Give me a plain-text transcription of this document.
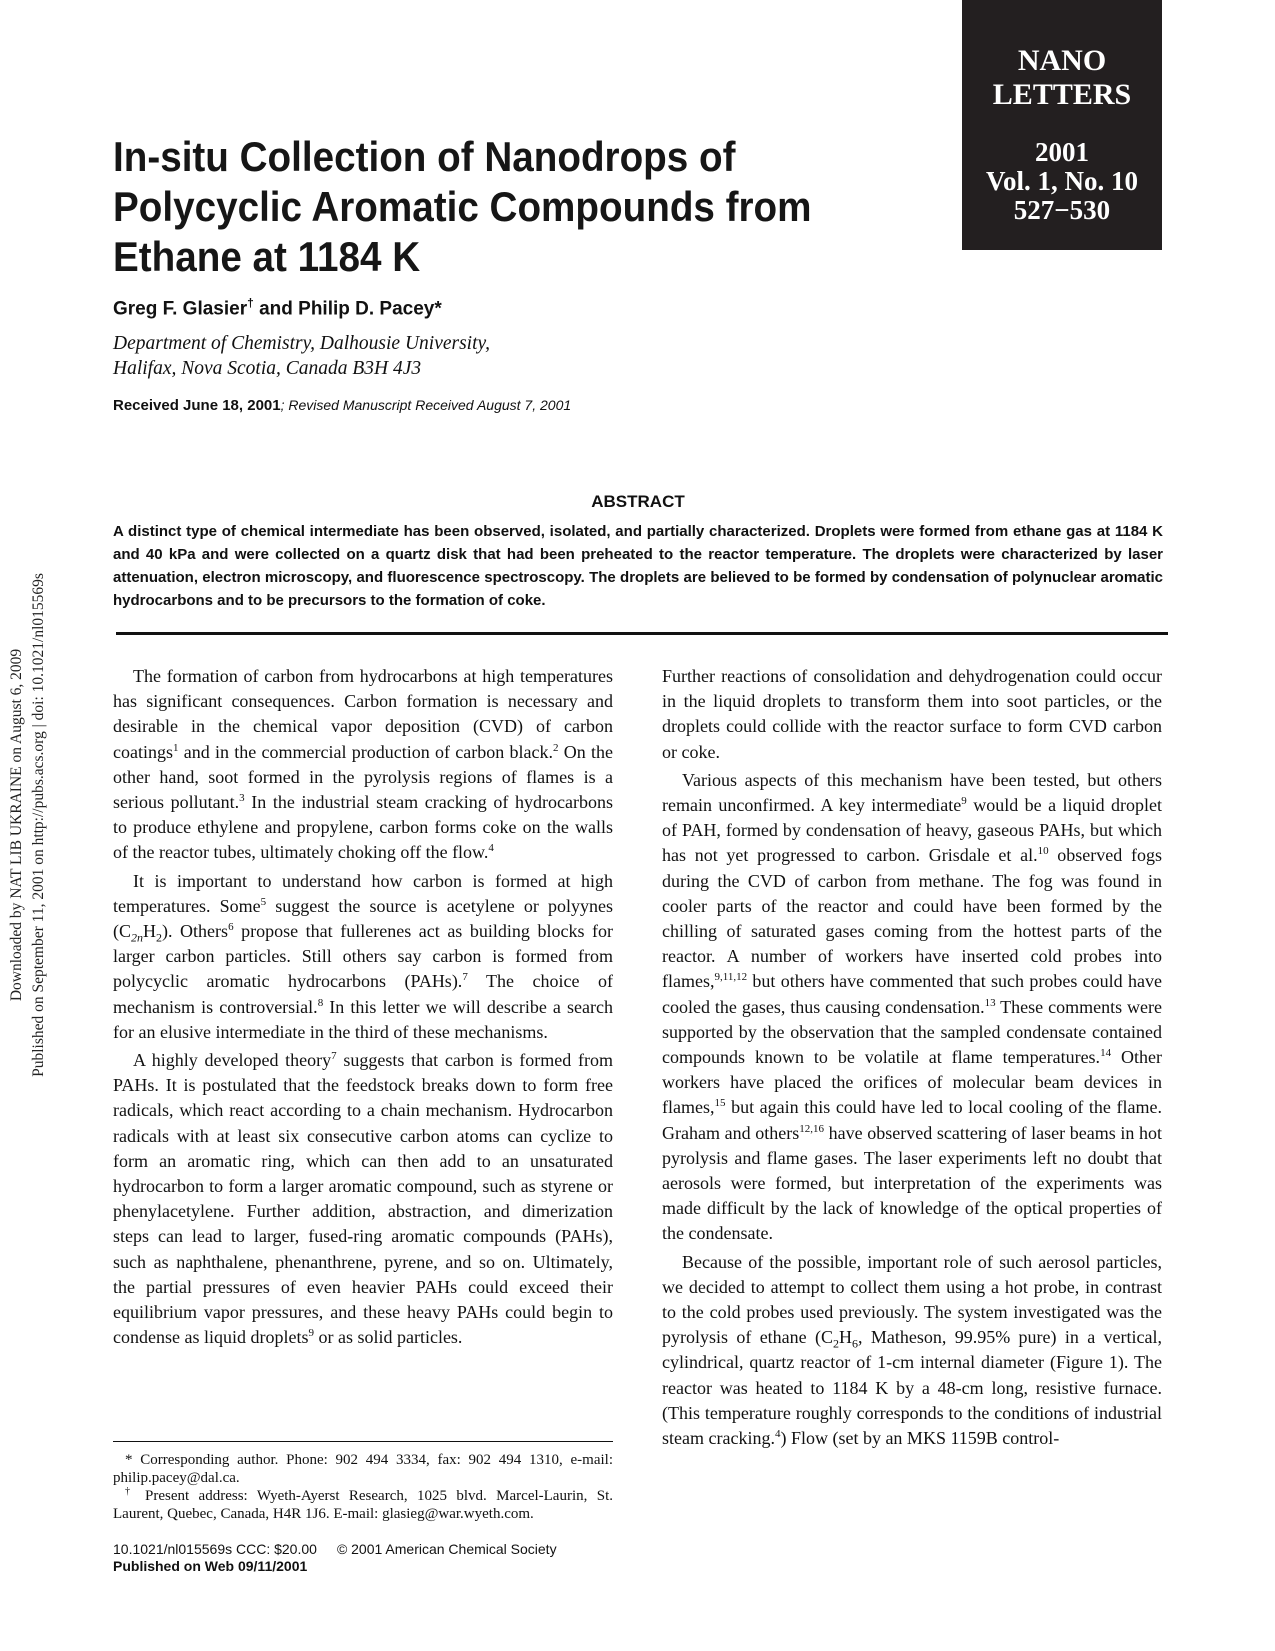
NANO
LETTERS
2001
Vol. 1, No. 10
527−530
Downloaded by NAT LIB UKRAINE on August 6, 2009 Published on September 11, 2001 on http://pubs.acs.org | doi: 10.1021/nl015569s
In-situ Collection of Nanodrops of
Polycyclic Aromatic Compounds from
Ethane at 1184 K
Greg F. Glasier† and Philip D. Pacey*
Department of Chemistry, Dalhousie University,
Halifax, Nova Scotia, Canada B3H 4J3
Received June 18, 2001; Revised Manuscript Received August 7, 2001
ABSTRACT

A distinct type of chemical intermediate has been observed, isolated, and partially characterized. Droplets were formed from ethane gas at 1184 K and 40 kPa and were collected on a quartz disk that had been preheated to the reactor temperature. The droplets were characterized by laser attenuation, electron microscopy, and fluorescence spectroscopy. The droplets are believed to be formed by condensation of polynuclear aromatic hydrocarbons and to be precursors to the formation of coke.

The formation of carbon from hydrocarbons at high temperatures has significant consequences. Carbon formation is necessary and desirable in the chemical vapor deposition (CVD) of carbon coatings$^1$ and in the commercial production of carbon black.$^2$ On the other hand, soot formed in the pyrolysis regions of flames is a serious pollutant.$^3$ In the industrial steam cracking of hydrocarbons to produce ethylene and propylene, carbon forms coke on the walls of the reactor tubes, ultimately choking off the flow.$^4$

It is important to understand how carbon is formed at high temperatures. Some$^5$ suggest the source is acetylene or polyynes $(C_{2n}H_2)$. Others$^6$ propose that fullerenes act as building blocks for larger carbon particles. Still others say carbon is formed from polycyclic aromatic hydrocarbons (PAHs).$^7$ The choice of mechanism is controversial.$^8$ In this letter we will describe a search for an elusive intermediate in the third of these mechanisms.

A highly developed theory$^7$ suggests that carbon is formed from PAHs. It is postulated that the feedstock breaks down to form free radicals, which react according to a chain mechanism. Hydrocarbon radicals with at least six consecutive carbon atoms can cyclize to form an aromatic ring, which can then add to an unsaturated hydrocarbon to form a larger aromatic compound, such as styrene or phenylacetylene. Further addition, abstraction, and dimerization steps can lead to larger, fused-ring aromatic compounds (PAHs), such as naphthalene, phenanthrene, pyrene, and so on. Ultimately, the partial pressures of even heavier PAHs could exceed their equilibrium vapor pressures, and these heavy PAHs could begin to condense as liquid droplets$^9$ or as solid particles.

* Corresponding author. Phone: 902 494 3334, fax: 902 494 1310, e-mail: philip.pacey@dal.ca.

† Present address: Wyeth-Ayerst Research, 1025 blvd. Marcel-Laurin, St. Laurent, Quebec, Canada, H4R 1J6. E-mail: glasieg@war.wyeth.com.

Further reactions of consolidation and dehydrogenation could occur in the liquid droplets to transform them into soot particles, or the droplets could collide with the reactor surface to form CVD carbon or coke.

Various aspects of this mechanism have been tested, but others remain unconfirmed. A key intermediate$^9$ would be a liquid droplet of PAH, formed by condensation of heavy, gaseous PAHs, but which has not yet progressed to carbon. Grisdale et al.$^{10}$ observed fogs during the CVD of carbon from methane. The fog was found in cooler parts of the reactor and could have been formed by the chilling of saturated gases coming from the hottest parts of the reactor. A number of workers have inserted cold probes into flames,$^{9,11,12}$ but others have commented that such probes could have cooled the gases, thus causing condensation.$^{13}$ These comments were supported by the observation that the sampled condensate contained compounds known to be volatile at flame temperatures.$^{14}$ Other workers have placed the orifices of molecular beam devices in flames,$^{15}$ but again this could have led to local cooling of the flame. Graham and others$^{12,16}$ have observed scattering of laser beams in hot pyrolysis and flame gases. The laser experiments left no doubt that aerosols were formed, but interpretation of the experiments was made difficult by the lack of knowledge of the optical properties of the condensate.

Because of the possible, important role of such aerosol particles, we decided to attempt to collect them using a hot probe, in contrast to the cold probes used previously. The system investigated was the pyrolysis of ethane ($C_2H_6$, Matheson, 99.95% pure) in a vertical, cylindrical, quartz reactor of 1-cm internal diameter (Figure 1). The reactor was heated to 1184 K by a 48-cm long, resistive furnace. (This temperature roughly corresponds to the conditions of industrial steam cracking.$^4$) Flow (set by an MKS 1159B control-

10.1021/nl015569s CCC: $20.00 © 2001 American Chemical Society
Published on Web 09/11/2001
